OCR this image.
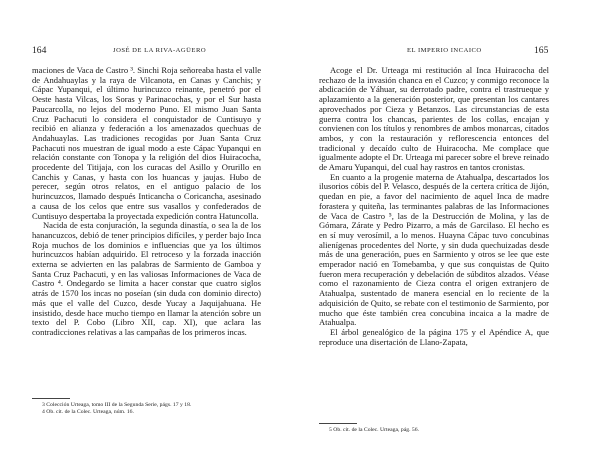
164	JOSÉ DE LA RIVA-AGÜERO

maciones de Vaca de Castro ³. Sinchi Roja señoreaba hasta el valle de Andahuaylas y la raya de Vilcanota, en Canas y Canchis; y Cápac Yupanqui, el último hurincuzco reinante, penetró por el Oeste hasta Vilcas, los Soras y Parinacochas, y por el Sur hasta Paucarcolla, no lejos del moderno Puno. El mismo Juan Santa Cruz Pachacuti lo considera el conquistador de Cuntisuyo y recibió en alianza y federación a los amenazados quechuas de Andahuaylas. Las tradiciones recogidas por Juan Santa Cruz Pachacuti nos muestran de igual modo a este Cápac Yupanqui en relación constante con Tonopa y la religión del dios Huiracocha, procedente del Titijaja, con los curacas del Asillo y Orurillo en Canchis y Canas, y hasta con los huancas y jaujas. Hubo de perecer, según otros relatos, en el antiguo palacio de los hurincuzcos, llamado después Inticancha o Coricancha, asesinado a causa de los celos que entre sus vasallos y confederados de Cuntisuyo despertaba la proyectada expedición contra Hatuncolla.

Nacida de esta conjuración, la segunda dinastía, o sea la de los hanancuzcos, debió de tener principios difíciles, y perder bajo Inca Roja muchos de los dominios e influencias que ya los últimos hurincuzcos habían adquirido. El retroceso y la forzada inacción externa se advierten en las palabras de Sarmiento de Gamboa y Santa Cruz Pachacuti, y en las valiosas Informaciones de Vaca de Castro ⁴. Ondegardo se limita a hacer constar que cuatro siglos atrás de 1570 los incas no poseían (sin duda con dominio directo) más que el valle del Cuzco, desde Yucay a Jaquijahuana. He insistido, desde hace mucho tiempo en llamar la atención sobre un texto del P. Cobo (Libro XII, cap. XI), que aclara las contradicciones relativas a las campañas de los primeros incas.

3 Colección Urteaga, tomo III de la Segunda Serie, págs. 17 y 18.
4 Ob. cit. de la Colec. Urteaga, núm. 16.
EL IMPERIO INCAICO	165

Acoge el Dr. Urteaga mi restitución al Inca Huiracocha del rechazo de la invasión chanca en el Cuzco; y conmigo reconoce la abdicación de Yáhuar, su derrotado padre, contra el trastrueque y aplazamiento a la generación posterior, que presentan los cantares aprovechados por Cieza y Betanzos. Las circunstancias de esta guerra contra los chancas, parientes de los collas, encajan y convienen con los títulos y renombres de ambos monarcas, citados ambos, y con la restauración y reflorescencia entonces del tradicional y decaído culto de Huiracocha. Me complace que igualmente adopte el Dr. Urteaga mi parecer sobre el breve reinado de Amaru Yupanqui, del cual hay rastros en tantos cronistas.

En cuanto a la progenie materna de Atahualpa, descartados los ilusorios cóbis del P. Velasco, después de la certera crítica de Jijón, quedan en pie, a favor del nacimiento de aquel Inca de madre forastera y quiteña, las terminantes palabras de las Informaciones de Vaca de Castro ⁵, las de la Destrucción de Molina, y las de Gómara, Zárate y Pedro Pizarro, a más de Garcilaso. El hecho es en sí muy verosímil, a lo menos. Huayna Cápac tuvo concubinas alienígenas procedentes del Norte, y sin duda quechuizadas desde más de una generación, pues en Sarmiento y otros se lee que este emperador nació en Tomebamba, y que sus conquistas de Quito fueron mera recuperación y debelación de súbditos alzados. Véase como el razonamiento de Cieza contra el origen extranjero de Atahualpa, sustentado de manera esencial en lo reciente de la adquisición de Quito, se rebate con el testimonio de Sarmiento, por mucho que éste también crea concubina incaica a la madre de Atahualpa.

El árbol genealógico de la página 175 y el Apéndice A, que reproduce una disertación de Llano-Zapata,

5 Ob. cit. de la Colec. Urteaga, pág. 56.
